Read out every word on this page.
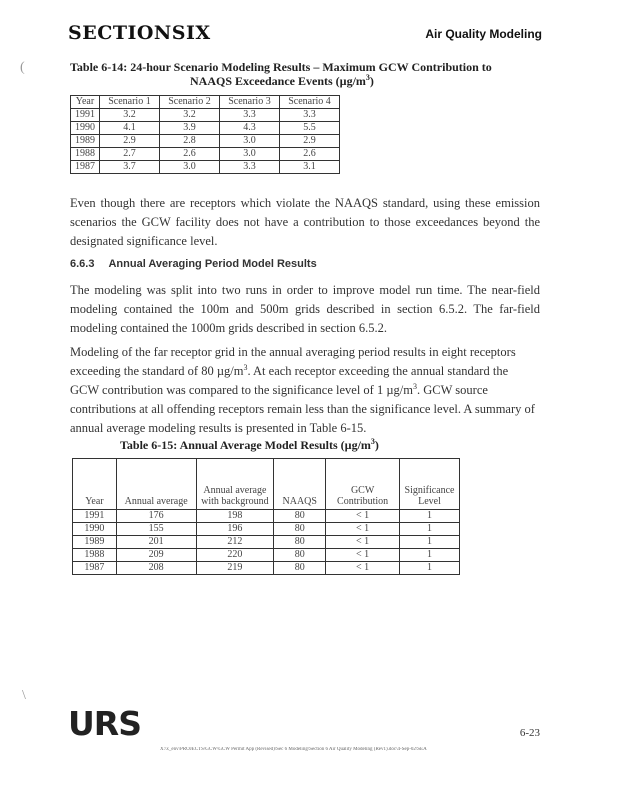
SECTIONSIX	Air Quality Modeling
(	Table 6-14: 24-hour Scenario Modeling Results – Maximum GCW Contribution to
NAAQS Exceedance Events $(\mu g/m^3)$
Year	Scenario 1	Scenario 2	Scenario 3	Scenario 4
1991	3.2	3.2	3.3	3.3
1990	4.1	3.9	4.3	5.5
1989	2.9	2.8	3.0	2.9
1988	2.7	2.6	3.0	2.6
1987	3.7	3.0	3.3	3.1
Even though there are receptors which violate the NAAQS standard, using these emission scenarios the GCW facility does not have a contribution to those exceedances beyond the designated significance level.
6.6.3 Annual Averaging Period Model Results
The modeling was split into two runs in order to improve model run time. The near-field modeling contained the 100m and 500m grids described in section 6.5.2. The far-field modeling contained the 1000m grids described in section 6.5.2.
Modeling of the far receptor grid in the annual averaging period results in eight receptors exceeding the standard of 80 $\mu g/m^3$. At each receptor exceeding the annual standard the GCW contribution was compared to the significance level of 1 $\mu g/m^3$. GCW source contributions at all offending receptors remain less than the significance level. A summary of annual average modeling results is presented in Table 6-15.
Table 6-15: Annual Average Model Results $(\mu g/m^3)$
Year	Annual average	Annual average with background	NAAQS	GCW Contribution	Significance Level
1991	176	198	80	< 1	1
1990	155	196	80	< 1	1
1989	201	212	80	< 1	1
1988	209	220	80	< 1	1
1987	208	219	80	< 1	1
\
URS	6-23
X:\x_env\PROJECTS\GCW\GCW Permit App (Revised)\Sec 6 Modeling\Section 6 Air Quality Modeling (Rev1).doc\4-Sep-02\SEA
